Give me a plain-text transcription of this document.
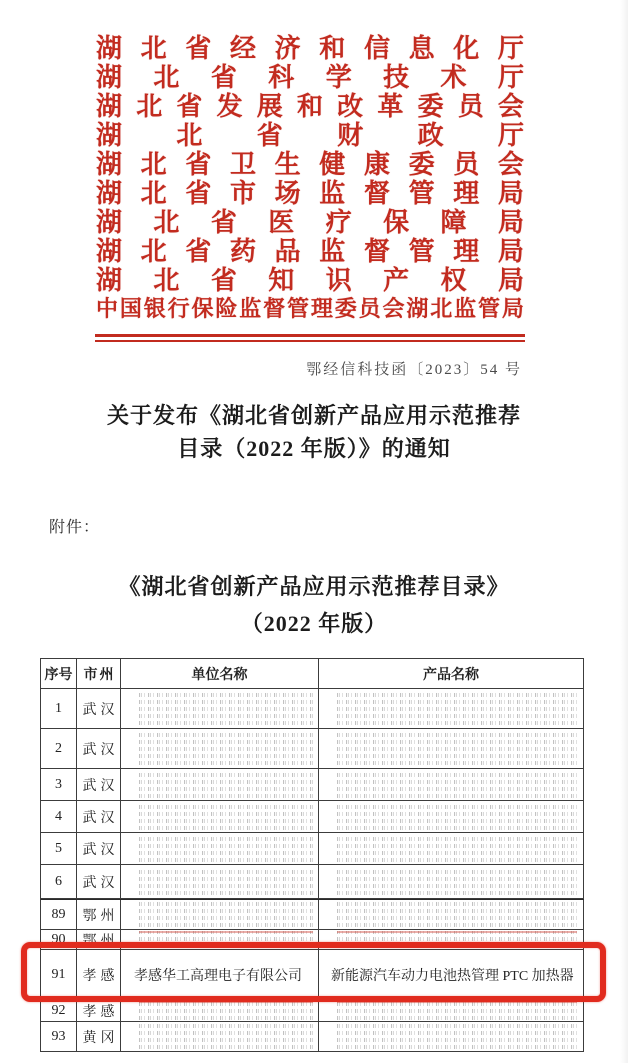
湖 北 省 经 济 和 信 息 化 厅
湖 北 省 科 学 技 术 厅
湖 北 省 发 展 和 改 革 委 员 会
湖 北 省 财 政 厅
湖 北 省 卫 生 健 康 委 员 会
湖 北 省 市 场 监 督 管 理 局
湖 北 省 医 疗 保 障 局
湖 北 省 药 品 监 督 管 理 局
湖 北 省 知 识 产 权 局
中 国 银 行 保 险 监 督 管 理 委 员 会 湖 北 监 管 局
鄂经信科技函〔2023〕54 号
关于发布《湖北省创新产品应用示范推荐
目录（2022 年版）》的通知
附件：
《湖北省创新产品应用示范推荐目录》
（2022 年版）
序号 市州	单位名称	产品名称
1	武汉
2	武汉
3	武汉
4	武汉
5	武汉
6	武汉
89	鄂州
90	鄂州
91	孝感	孝感华工高理电子有限公司	新能源汽车动力电池热管理 PTC 加热器
92	孝感
93	黄冈
